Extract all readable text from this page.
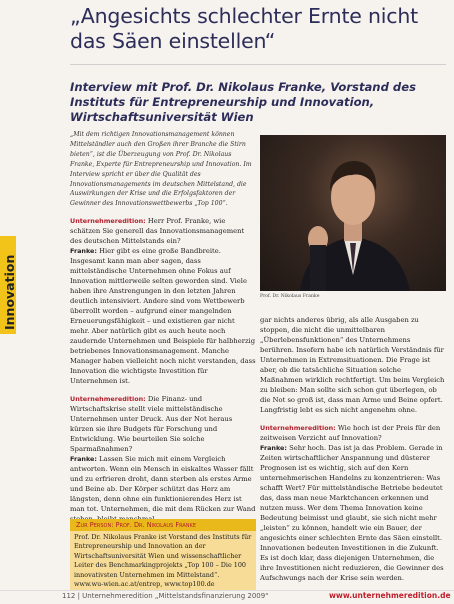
„Angesichts schlechter Ernte nicht das Säen einstellen“
Interview mit Prof. Dr. Nikolaus Franke, Vorstand des Instituts für Entrepreneurship und Innovation, Wirtschaftsuniversität Wien
Innovation

„Mit dem richtigen Innovationsmanagement können Mittelständler auch den Großen ihrer Branche die Stirn bieten“, ist die Überzeugung von Prof. Dr. Nikolaus Franke, Experte für Entrepreneurship und Innovation. Im Interview spricht er über die Qualität des Innovationsmanagements im deutschen Mittelstand, die Auswirkungen der Krise und die Erfolgsfaktoren der Gewinner des Innovationswettbewerbs „Top 100“.

Unternehmeredition: Herr Prof. Franke, wie schätzen Sie generell das Innovationsmanagement des deutschen Mittelstands ein?

Franke: Hier gibt es eine große Bandbreite. Insgesamt kann man aber sagen, dass mittelständische Unternehmen ohne Fokus auf Innovation mittlerweile selten geworden sind. Viele haben ihre Anstrengungen in den letzten Jahren deutlich intensiviert. Andere sind vom Wettbewerb überrollt worden – aufgrund einer mangelnden Erneuerungsfähigkeit – und existieren gar nicht mehr. Aber natürlich gibt es auch heute noch zaudernde Unternehmen und Beispiele für halbherzig betriebenes Innovationsmanagement. Manche Manager haben vielleicht noch nicht verstanden, dass Innovation die wichtigste Investition für Unternehmen ist.

Unternehmeredition: Die Finanz- und Wirtschaftskrise stellt viele mittelständische Unternehmen unter Druck. Aus der Not heraus kürzen sie ihre Budgets für Forschung und Entwicklung. Wie beurteilen Sie solche Sparmaßnahmen?

Franke: Lassen Sie mich mit einem Vergleich antworten. Wenn ein Mensch in eiskaltes Wasser fällt und zu erfrieren droht, dann sterben als erstes Arme und Beine ab. Der Körper schützt das Herz am längsten, denn ohne ein funktionierendes Herz ist man tot. Unternehmen, die mit dem Rücken zur Wand

Prof. Dr. Nikolaus Franke

gar nichts anderes übrig, als alle Ausgaben zu stoppen, die nicht die unmittelbaren „Überlebensfunktionen“ des Unternehmens berühren. Insofern habe ich natürlich Verständnis für Unternehmen in Extremsituationen. Die Frage ist aber, ob die tatsächliche Situation solche Maßnahmen wirklich rechtfertigt. Um beim Vergleich zu bleiben: Man sollte sich schon gut überlegen, ob die Not so groß ist, dass man Arme und Beine opfert. Langfristig lebt es sich nicht angenehm ohne.

Unternehmeredition: Wie hoch ist der Preis für den zeitweisen Verzicht auf Innovation?

Franke: Sehr hoch. Das ist ja das Problem. Gerade in Zeiten wirtschaftlicher Anspannung und düsterer Prognosen ist es wichtig, sich auf den Kern unternehmerischen Handelns zu konzentrieren: Was schafft Wert? Für mittelständische Betriebe bedeutet das, dass man neue Marktchancen erkennen und nutzen muss. Wer dem Thema Innovation keine Bedeutung beimisst und glaubt, sie sich nicht mehr „leisten“ zu können, handelt wie ein Bauer, der angesichts einer schlechten Ernte das Säen einstellt. Innovationen bedeuten Investitionen in die Zukunft. Es ist doch klar, dass diejenigen Unternehmen, die ihre Investitionen nicht reduzieren, die Gewinner des Aufschwungs nach der Krise sein werden.

Zur Person: Prof. Dr. Nikolaus Franke

Prof. Dr. Nikolaus Franke ist Vorstand des Instituts für Entrepreneurship und Innovation an der Wirtschaftsuniversität Wien und wissenschaftlicher Leiter des Benchmarkingprojekts „Top 100 – Die 100 innovativsten Unternehmen im Mittelstand“.
www.wu-wien.ac.at/entrep, www.top100.de

112 | Unternehmeredition „Mittelstandsfinanzierung 2009“	www.unternehmeredition.de
